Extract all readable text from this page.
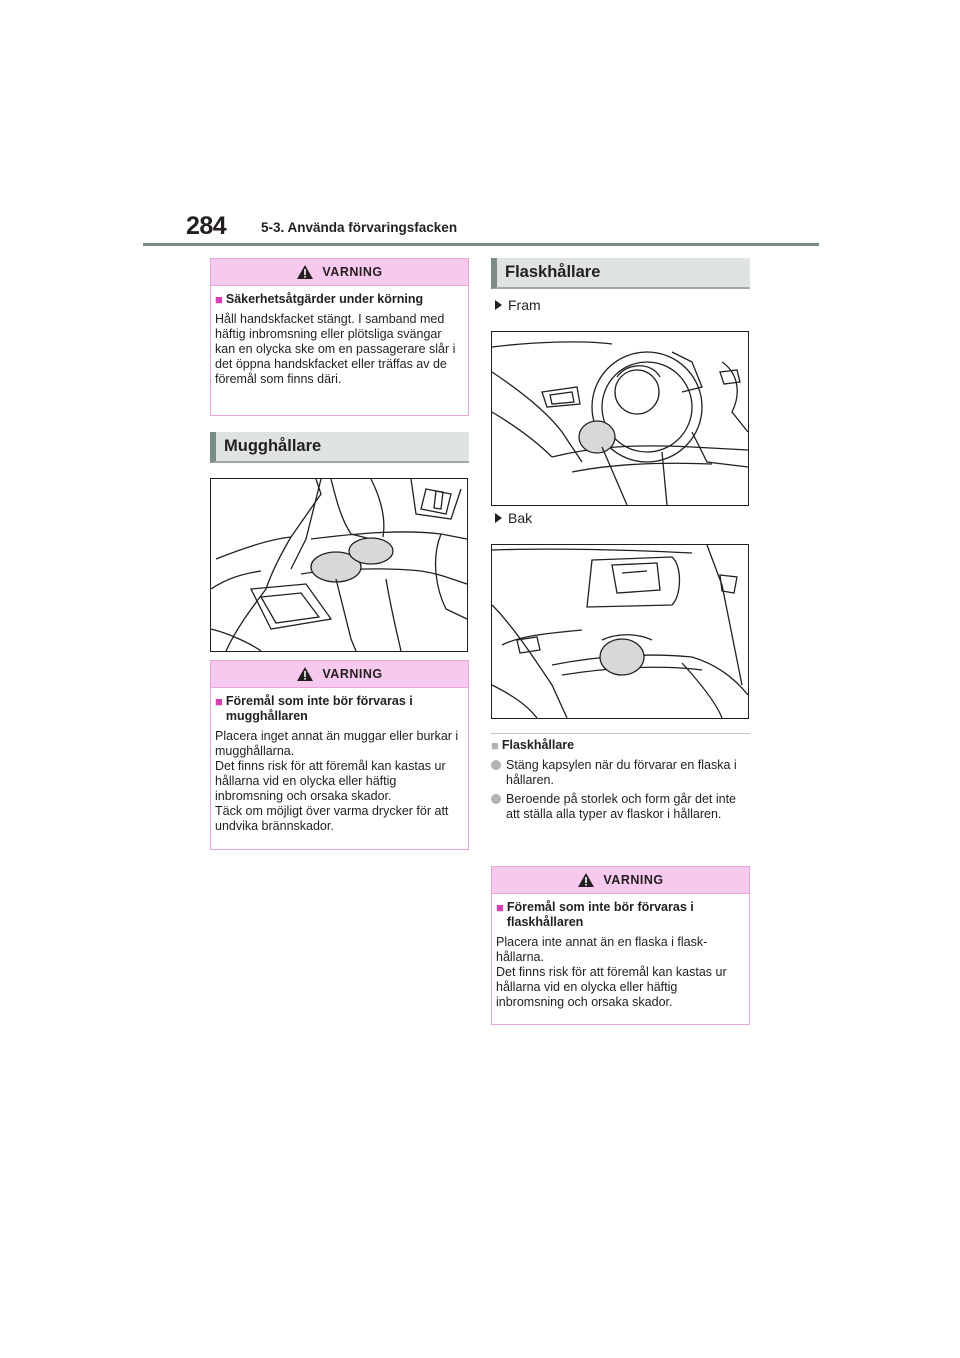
284	5-3. Använda förvaringsfacken
VARNING
■ Säkerhetsåtgärder under körning

Håll handskfacket stängt. I samband med häftig inbromsning eller plötsliga svängar kan en olycka ske om en passagerare slår i det öppna handskfacket eller träffas av de föremål som finns däri.

Mugghållare
VARNING
■ Föremål som inte bör förvaras i mugghållaren

Placera inget annat än muggar eller burkar i mugghållarna.

Det finns risk för att föremål kan kastas ur hållarna vid en olycka eller häftig inbromsning och orsaka skador.

Täck om möjligt över varma drycker för att undvika brännskador.

Flaskhållare
Fram
Bak
■ Flaskhållare
Stäng kapsylen när du förvarar en flaska i hållaren.
Beroende på storlek och form går det inte att ställa alla typer av flaskor i hållaren.
VARNING
■ Föremål som inte bör förvaras i flaskhållaren

Placera inte annat än en flaska i flaskhållarna.

Det finns risk för att föremål kan kastas ur hållarna vid en olycka eller häftig inbromsning och orsaka skador.
